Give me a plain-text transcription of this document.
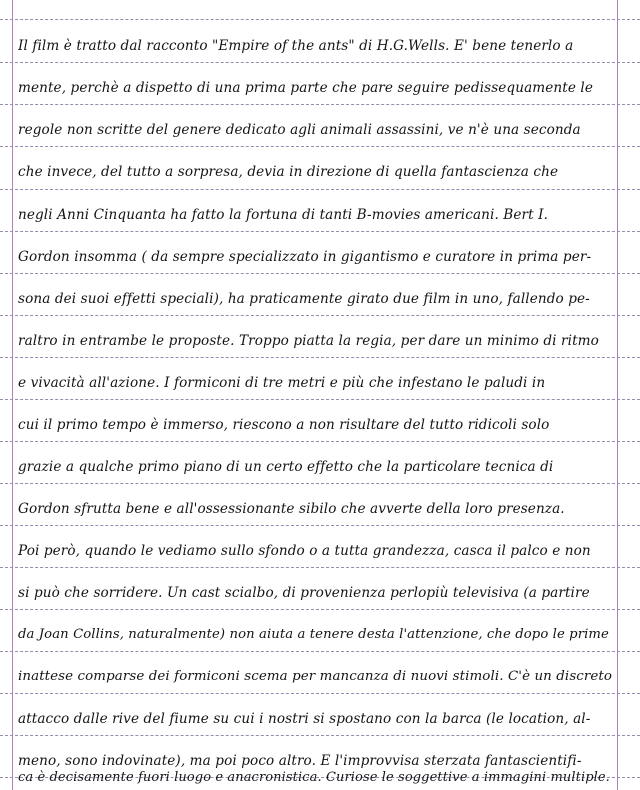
Il film è tratto dal racconto "Empire of the ants" di H.G.Wells. E' bene tenerlo a
mente, perchè a dispetto di una prima parte che pare seguire pedissequamente le
regole non scritte del genere dedicato agli animali assassini, ve n'è una seconda
che invece, del tutto a sorpresa, devia in direzione di quella fantascienza che
negli Anni Cinquanta ha fatto la fortuna di tanti B-movies americani. Bert I.
Gordon insomma ( da sempre specializzato in gigantismo e curatore in prima per-
sona dei suoi effetti speciali), ha praticamente girato due film in uno, fallendo pe-
raltro in entrambe le proposte. Troppo piatta la regia, per dare un minimo di ritmo
e vivacità all'azione. I formiconi di tre metri e più che infestano le paludi in
cui il primo tempo è immerso, riescono a non risultare del tutto ridicoli solo
grazie a qualche primo piano di un certo effetto che la particolare tecnica di
Gordon sfrutta bene e all'ossessionante sibilo che avverte della loro presenza.
Poi però, quando le vediamo sullo sfondo o a tutta grandezza, casca il palco e non
si può che sorridere. Un cast scialbo, di provenienza perlopiù televisiva (a partire
da Joan Collins, naturalmente) non aiuta a tenere desta l'attenzione, che dopo le prime
inattese comparse dei formiconi scema per mancanza di nuovi stimoli. C'è un discreto
attacco dalle rive del fiume su cui i nostri si spostano con la barca (le location, al-
meno, sono indovinate), ma poi poco altro. E l'improvvisa sterzata fantascientifi-
ca è decisamente fuori luogo e anacronistica. Curiose le soggettive a immagini multiple.
